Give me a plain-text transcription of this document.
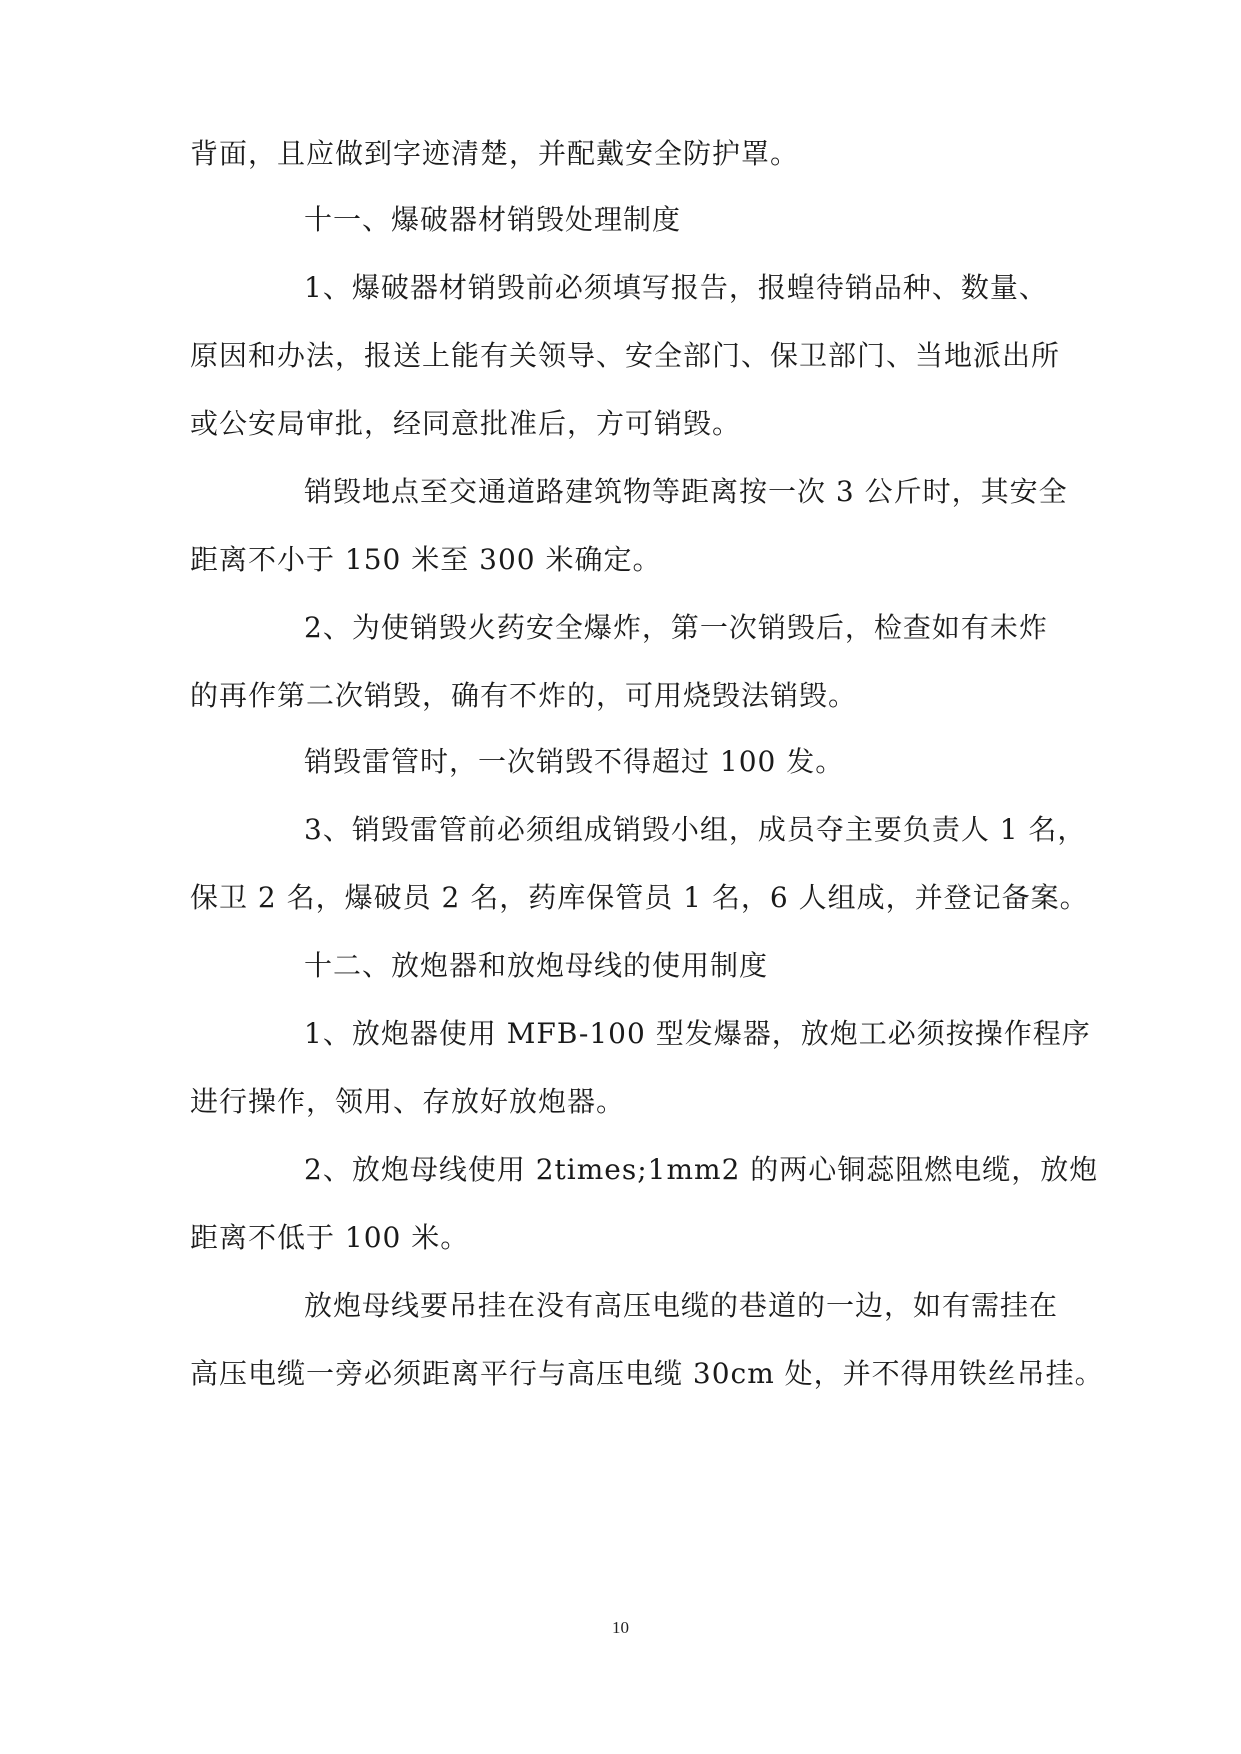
背面，且应做到字迹清楚，并配戴安全防护罩。
十一、爆破器材销毁处理制度
1、爆破器材销毁前必须填写报告，报蝗待销品种、数量、
原因和办法，报送上能有关领导、安全部门、保卫部门、当地派出所
或公安局审批，经同意批准后，方可销毁。
销毁地点至交通道路建筑物等距离按一次 3 公斤时，其安全
距离不小于 150 米至 300 米确定。
2、为使销毁火药安全爆炸，第一次销毁后，检查如有未炸
的再作第二次销毁，确有不炸的，可用烧毁法销毁。
销毁雷管时，一次销毁不得超过 100 发。
3、销毁雷管前必须组成销毁小组，成员夺主要负责人 1 名，
保卫 2 名，爆破员 2 名，药库保管员 1 名，6 人组成，并登记备案。
十二、放炮器和放炮母线的使用制度
1、放炮器使用 MFB-100 型发爆器，放炮工必须按操作程序
进行操作，领用、存放好放炮器。
2、放炮母线使用 2times;1mm2 的两心铜蕊阻燃电缆，放炮
距离不低于 100 米。
放炮母线要吊挂在没有高压电缆的巷道的一边，如有需挂在
高压电缆一旁必须距离平行与高压电缆 30cm 处，并不得用铁丝吊挂。
10
